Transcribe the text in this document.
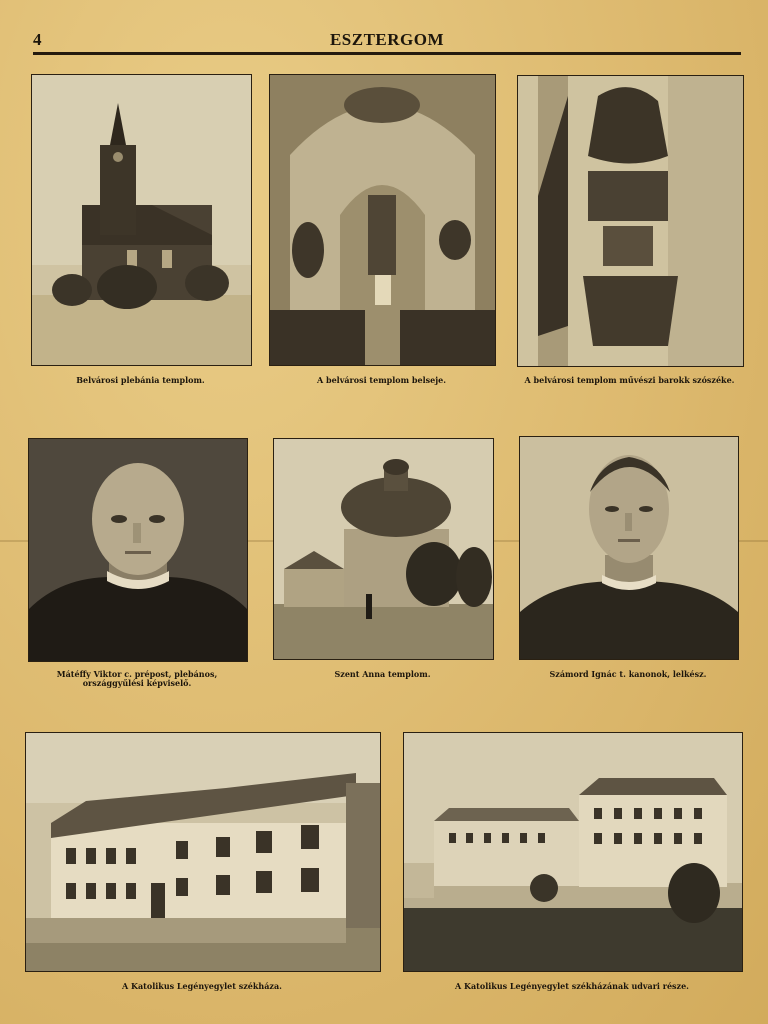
4	ESZTERGOM
Belvárosi plebánia templom.	A belvárosi templom belseje.	A belvárosi templom művészi barokk szószéke.
Mátéffy Viktor c. prépost, plebános,
országgyűlési képviselő.
Szent Anna templom.	Számord Ignác t. kanonok, lelkész.
A Katolikus Legényegylet székháza.	A Katolikus Legényegylet székházának udvari része.
